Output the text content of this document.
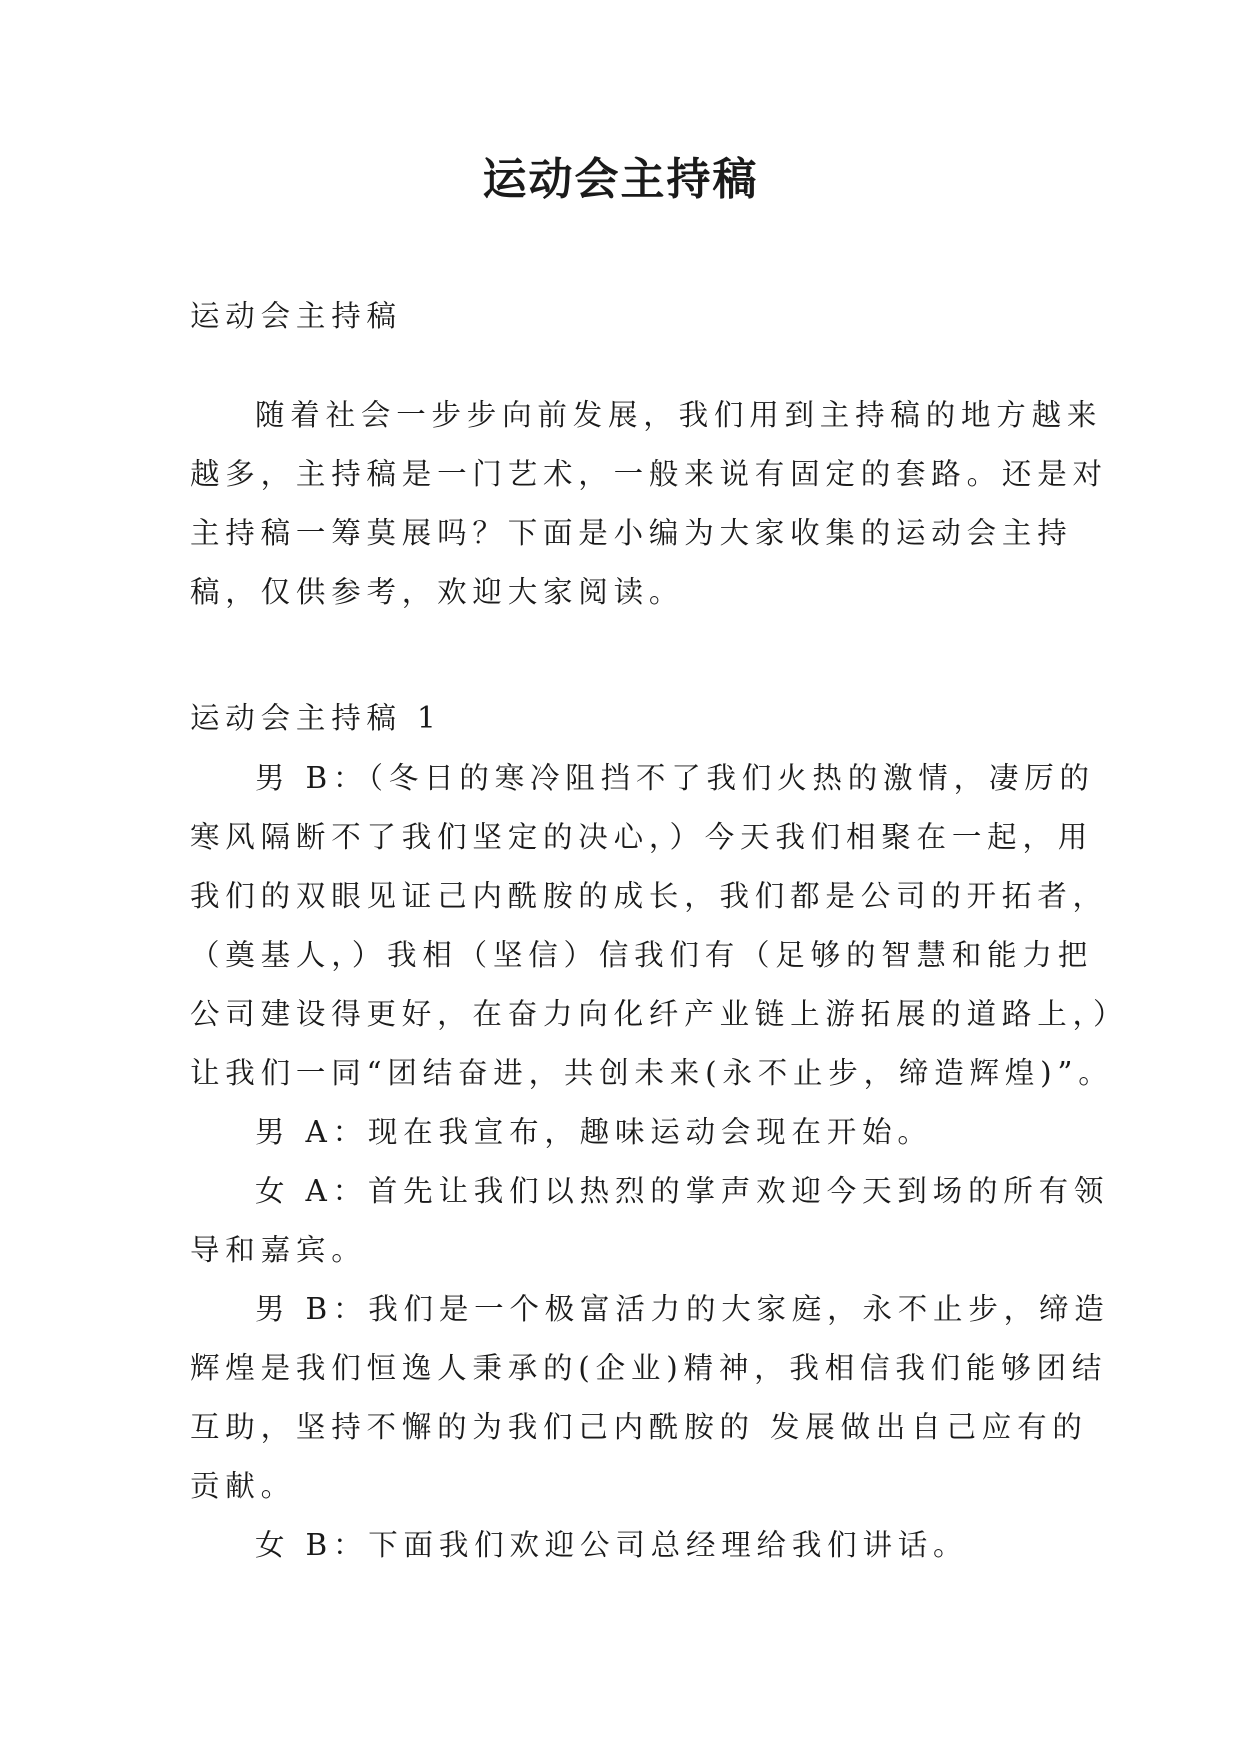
运动会主持稿

运动会主持稿

随着社会一步步向前发展，我们用到主持稿的地方越来

越多，主持稿是一门艺术，一般来说有固定的套路。还是对

主持稿一筹莫展吗？下面是小编为大家收集的运动会主持

稿，仅供参考，欢迎大家阅读。

运动会主持稿 1

男 B：（冬日的寒冷阻挡不了我们火热的激情，凄厉的

寒风隔断不了我们坚定的决心，）今天我们相聚在一起，用

我们的双眼见证己内酰胺的成长，我们都是公司的开拓者，

（奠基人，）我相（坚信）信我们有（足够的智慧和能力把

公司建设得更好，在奋力向化纤产业链上游拓展的道路上，）

让我们一同“团结奋进，共创未来(永不止步，缔造辉煌)”。

男 A：现在我宣布，趣味运动会现在开始。

女 A：首先让我们以热烈的掌声欢迎今天到场的所有领

导和嘉宾。

男 B：我们是一个极富活力的大家庭，永不止步，缔造

辉煌是我们恒逸人秉承的(企业)精神，我相信我们能够团结

互助，坚持不懈的为我们己内酰胺的 发展做出自己应有的

贡献。

女 B：下面我们欢迎公司总经理给我们讲话。
